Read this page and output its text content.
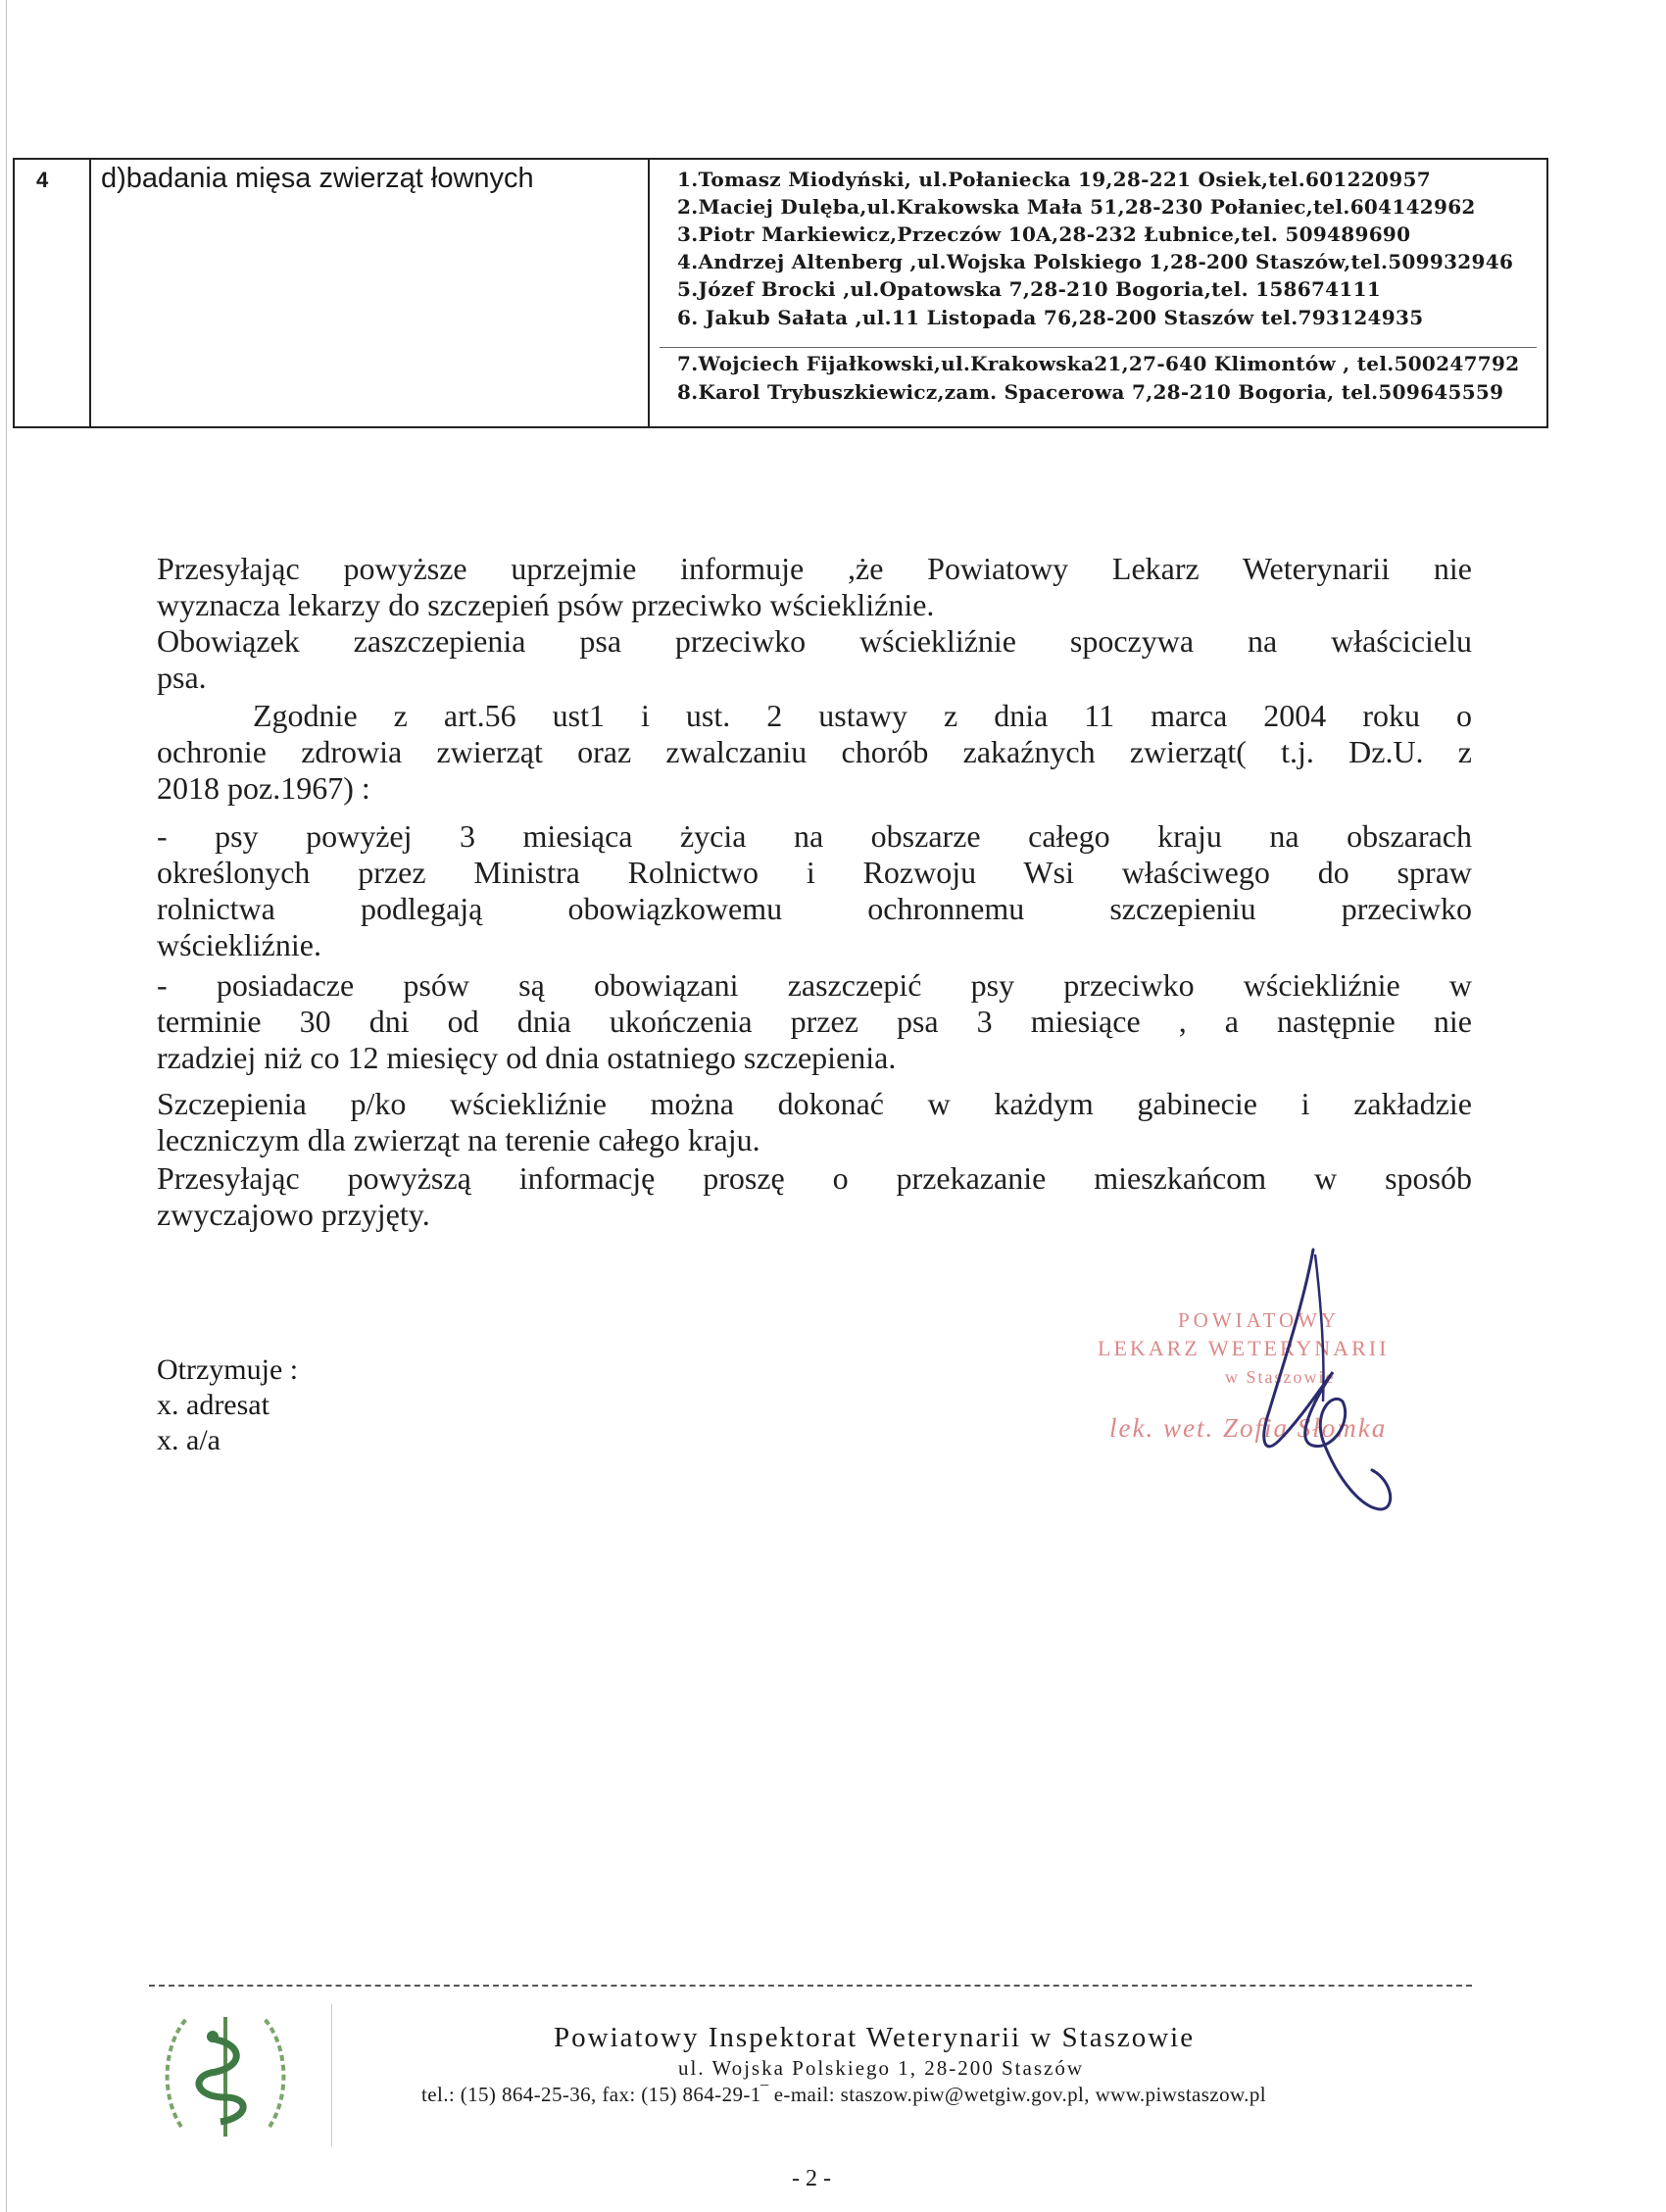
4 d)badania mięsa zwierząt łownych	1.Tomasz Miodyński, ul.Połaniecka 19,28-221 Osiek,tel.601220957
2.Maciej Dulęba,ul.Krakowska Mała 51,28-230 Połaniec,tel.604142962
3.Piotr Markiewicz,Przeczów 10A,28-232 Łubnice,tel. 509489690
4.Andrzej Altenberg ,ul.Wojska Polskiego 1,28-200 Staszów,tel.509932946
5.Józef Brocki ,ul.Opatowska 7,28-210 Bogoria,tel. 158674111
6. Jakub Sałata ,ul.11 Listopada 76,28-200 Staszów tel.793124935
7.Wojciech Fijałkowski,ul.Krakowska21,27-640 Klimontów , tel.500247792
8.Karol Trybuszkiewicz,zam. Spacerowa 7,28-210 Bogoria, tel.509645559
Przesyłając powyższe uprzejmie informuje ,że Powiatowy Lekarz Weterynarii nie
wyznacza lekarzy do szczepień psów przeciwko wściekliźnie.
Obowiązek zaszczepienia psa przeciwko wściekliźnie spoczywa na właścicielu
psa.
Zgodnie z art.56 ust1 i ust. 2 ustawy z dnia 11 marca 2004 roku o
ochronie zdrowia zwierząt oraz zwalczaniu chorób zakaźnych zwierząt( t.j. Dz.U. z
2018 poz.1967) :
- psy powyżej 3 miesiąca życia na obszarze całego kraju na obszarach
określonych przez Ministra Rolnictwo i Rozwoju Wsi właściwego do spraw
rolnictwa podlegają obowiązkowemu ochronnemu szczepieniu przeciwko
wściekliźnie.
- posiadacze psów są obowiązani zaszczepić psy przeciwko wściekliźnie w
terminie 30 dni od dnia ukończenia przez psa 3 miesiące , a następnie nie
rzadziej niż co 12 miesięcy od dnia ostatniego szczepienia.
Szczepienia p/ko wściekliźnie można dokonać w każdym gabinecie i zakładzie
leczniczym dla zwierząt na terenie całego kraju.
Przesyłając powyższą informację proszę o przekazanie mieszkańcom w sposób
zwyczajowo przyjęty.
POWIATOWY
LEKARZ WETERYNARII
w Staszowie
lek. wet. Zofia Słomka
Otrzymuje :
x. adresat
x. a/a
Powiatowy Inspektorat Weterynarii w Staszowie
ul. Wojska Polskiego 1, 28-200 Staszów
tel.: (15) 864-25-36, fax: (15) 864-29-1‾ e-mail: staszow.piw@wetgiw.gov.pl, www.piwstaszow.pl
- 2 -
